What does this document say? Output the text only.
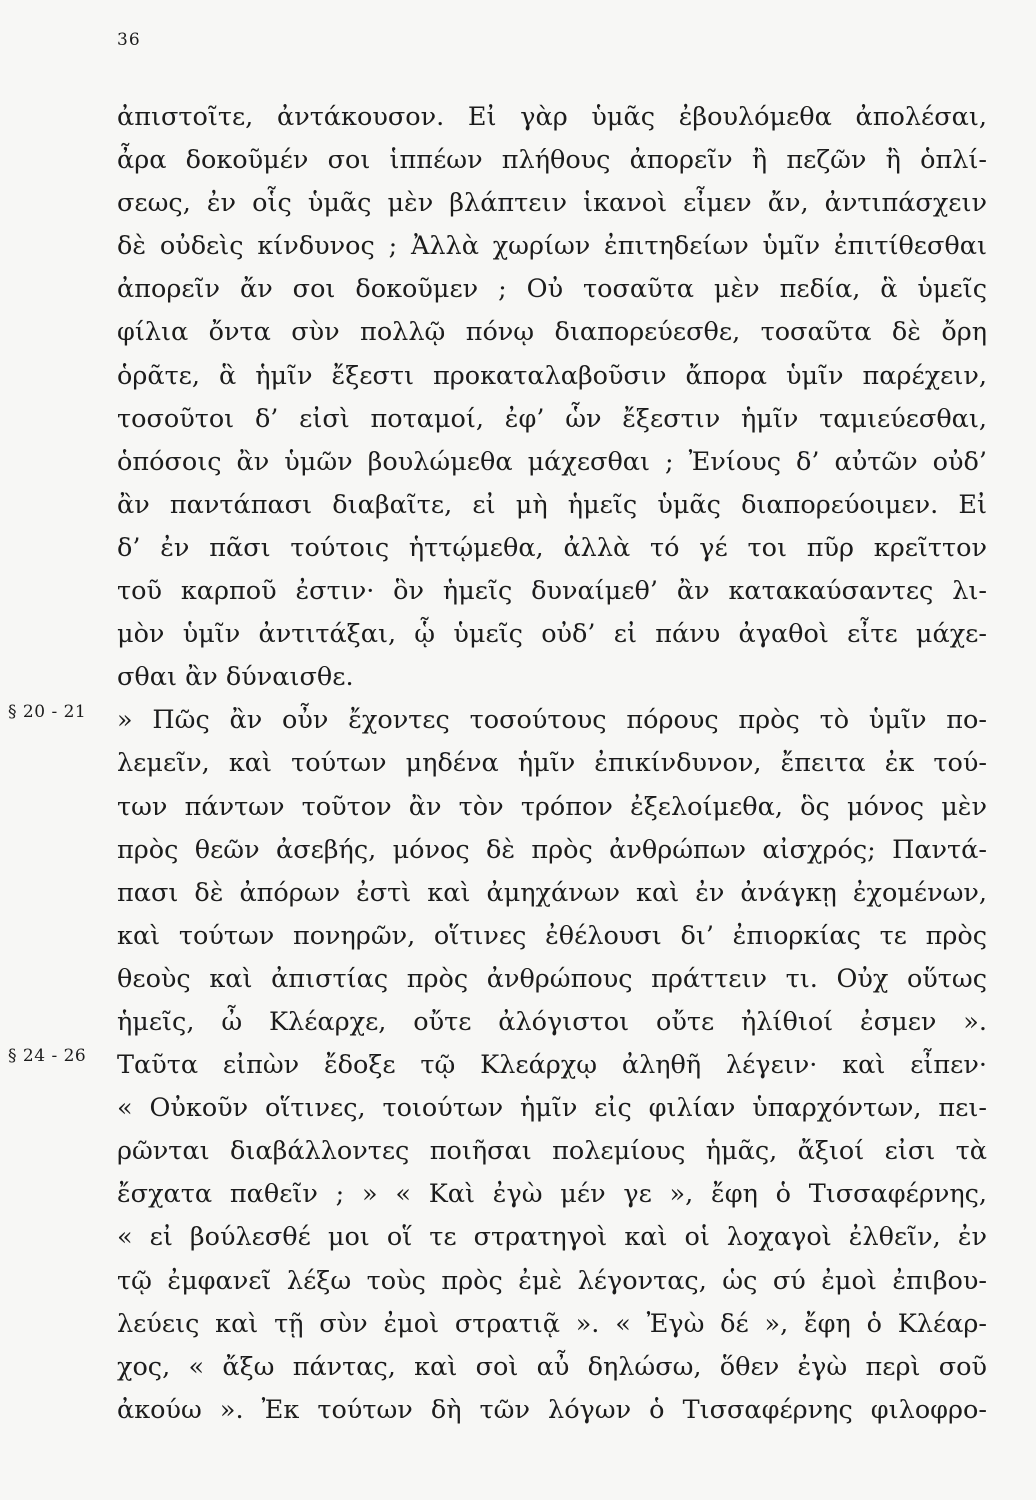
36
§ 20 - 21
§ 24 - 26
ἀπιστοῖτε, ἀντάκουσον. Εἰ γὰρ ὑμᾶς ἐβουλόμεθα ἀπολέσαι,
ἆρα δοκοῦμέν σοι ἱππέων πλήθους ἀπορεῖν ἢ πεζῶν ἢ ὁπλί-
σεως, ἐν οἷς ὑμᾶς μὲν βλάπτειν ἱκανοὶ εἶμεν ἄν, ἀντιπάσχειν
δὲ οὐδεὶς κίνδυνος ; Ἀλλὰ χωρίων ἐπιτηδείων ὑμῖν ἐπιτίθεσθαι
ἀπορεῖν ἄν σοι δοκοῦμεν ; Οὐ τοσαῦτα μὲν πεδία, ἃ ὑμεῖς
φίλια ὄντα σὺν πολλῷ πόνῳ διαπορεύεσθε, τοσαῦτα δὲ ὄρη
ὁρᾶτε, ἃ ἡμῖν ἔξεστι προκαταλαβοῦσιν ἄπορα ὑμῖν παρέχειν,
τοσοῦτοι δ’ εἰσὶ ποταμοί, ἐφ’ ὧν ἔξεστιν ἡμῖν ταμιεύεσθαι,
ὁπόσοις ἂν ὑμῶν βουλώμεθα μάχεσθαι ; Ἐνίους δ’ αὐτῶν οὐδ’
ἂν παντάπασι διαβαῖτε, εἰ μὴ ἡμεῖς ὑμᾶς διαπορεύοιμεν. Εἰ
δ’ ἐν πᾶσι τούτοις ἡττῴμεθα, ἀλλὰ τό γέ τοι πῦρ κρεῖττον
τοῦ καρποῦ ἐστιν· ὃν ἡμεῖς δυναίμεθ’ ἂν κατακαύσαντες λι-
μὸν ὑμῖν ἀντιτάξαι, ᾧ ὑμεῖς οὐδ’ εἰ πάνυ ἀγαθοὶ εἶτε μάχε-
σθαι ἂν δύναισθε.
» Πῶς ἂν οὖν ἔχοντες τοσούτους πόρους πρὸς τὸ ὑμῖν πο-
λεμεῖν, καὶ τούτων μηδένα ἡμῖν ἐπικίνδυνον, ἔπειτα ἐκ τού-
των πάντων τοῦτον ἂν τὸν τρόπον ἐξελοίμεθα, ὃς μόνος μὲν
πρὸς θεῶν ἀσεβής, μόνος δὲ πρὸς ἀνθρώπων αἰσχρός; Παντά-
πασι δὲ ἀπόρων ἐστὶ καὶ ἀμηχάνων καὶ ἐν ἀνάγκῃ ἐχομένων,
καὶ τούτων πονηρῶν, οἵτινες ἐθέλουσι δι’ ἐπιορκίας τε πρὸς
θεοὺς καὶ ἀπιστίας πρὸς ἀνθρώπους πράττειν τι. Οὐχ οὕτως
ἡμεῖς, ὦ Κλέαρχε, οὔτε ἀλόγιστοι οὔτε ἠλίθιοί ἐσμεν ».
Ταῦτα εἰπὼν ἔδοξε τῷ Κλεάρχῳ ἀληθῆ λέγειν· καὶ εἶπεν·
« Οὐκοῦν οἵτινες, τοιούτων ἡμῖν εἰς φιλίαν ὑπαρχόντων, πει-
ρῶνται διαβάλλοντες ποιῆσαι πολεμίους ἡμᾶς, ἄξιοί εἰσι τὰ
ἔσχατα παθεῖν ; » « Καὶ ἐγὼ μέν γε », ἔφη ὁ Τισσαφέρνης,
« εἰ βούλεσθέ μοι οἵ τε στρατηγοὶ καὶ οἱ λοχαγοὶ ἐλθεῖν, ἐν
τῷ ἐμφανεῖ λέξω τοὺς πρὸς ἐμὲ λέγοντας, ὡς σύ ἐμοὶ ἐπιβου-
λεύεις καὶ τῇ σὺν ἐμοὶ στρατιᾷ ». « Ἐγὼ δέ », ἔφη ὁ Κλέαρ-
χος, « ἄξω πάντας, καὶ σοὶ αὖ δηλώσω, ὅθεν ἐγὼ περὶ σοῦ
ἀκούω ». Ἐκ τούτων δὴ τῶν λόγων ὁ Τισσαφέρνης φιλοφρο-
